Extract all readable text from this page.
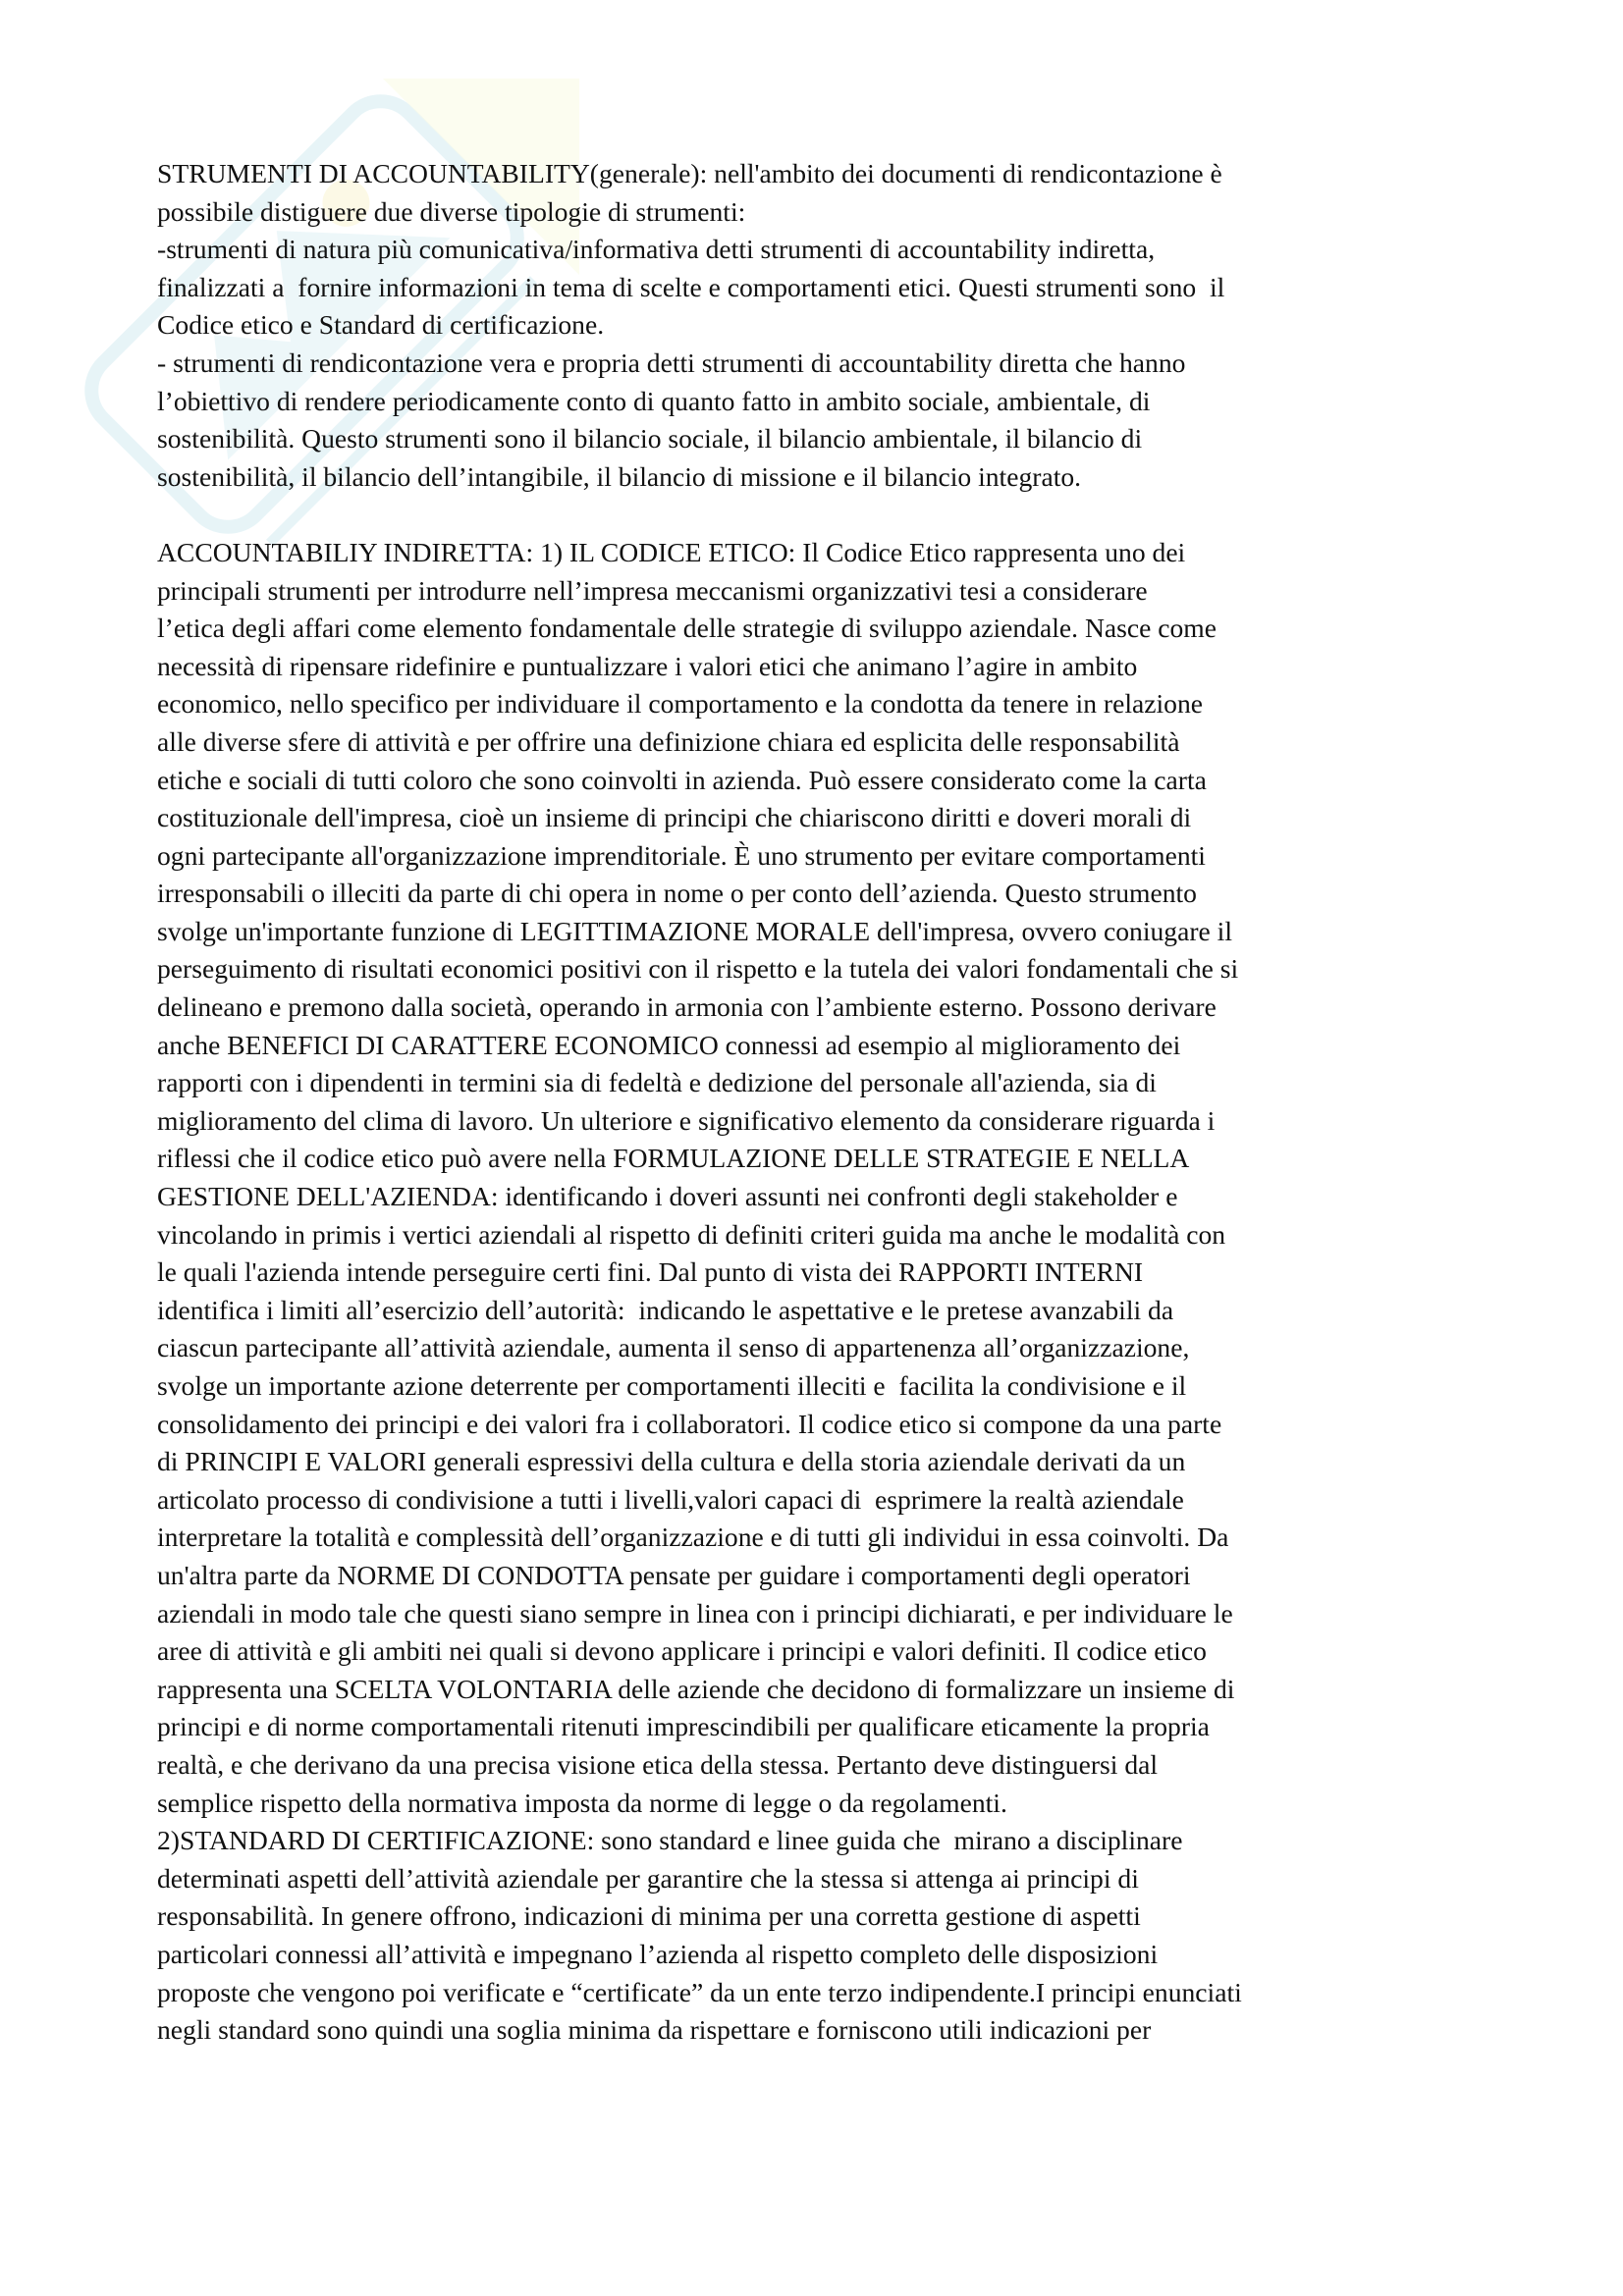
STRUMENTI DI ACCOUNTABILITY(generale): nell'ambito dei documenti di rendicontazione è

possibile distiguere due diverse tipologie di strumenti:

-strumenti di natura più comunicativa/informativa detti strumenti di accountability indiretta,

finalizzati a  fornire informazioni in tema di scelte e comportamenti etici. Questi strumenti sono  il

Codice etico e Standard di certificazione.

- strumenti di rendicontazione vera e propria detti strumenti di accountability diretta che hanno

l’obiettivo di rendere periodicamente conto di quanto fatto in ambito sociale, ambientale, di

sostenibilità. Questo strumenti sono il bilancio sociale, il bilancio ambientale, il bilancio di

sostenibilità, il bilancio dell’intangibile, il bilancio di missione e il bilancio integrato.

ACCOUNTABILIY INDIRETTA: 1) IL CODICE ETICO: Il Codice Etico rappresenta uno dei

principali strumenti per introdurre nell’impresa meccanismi organizzativi tesi a considerare

l’etica degli affari come elemento fondamentale delle strategie di sviluppo aziendale. Nasce come

necessità di ripensare ridefinire e puntualizzare i valori etici che animano l’agire in ambito

economico, nello specifico per individuare il comportamento e la condotta da tenere in relazione

alle diverse sfere di attività e per offrire una definizione chiara ed esplicita delle responsabilità

etiche e sociali di tutti coloro che sono coinvolti in azienda. Può essere considerato come la carta

costituzionale dell'impresa, cioè un insieme di principi che chiariscono diritti e doveri morali di

ogni partecipante all'organizzazione imprenditoriale. È uno strumento per evitare comportamenti

irresponsabili o illeciti da parte di chi opera in nome o per conto dell’azienda. Questo strumento

svolge un'importante funzione di LEGITTIMAZIONE MORALE dell'impresa, ovvero coniugare il

perseguimento di risultati economici positivi con il rispetto e la tutela dei valori fondamentali che si

delineano e premono dalla società, operando in armonia con l’ambiente esterno. Possono derivare

anche BENEFICI DI CARATTERE ECONOMICO connessi ad esempio al miglioramento dei

rapporti con i dipendenti in termini sia di fedeltà e dedizione del personale all'azienda, sia di

miglioramento del clima di lavoro. Un ulteriore e significativo elemento da considerare riguarda i

riflessi che il codice etico può avere nella FORMULAZIONE DELLE STRATEGIE E NELLA

GESTIONE DELL'AZIENDA: identificando i doveri assunti nei confronti degli stakeholder e

vincolando in primis i vertici aziendali al rispetto di definiti criteri guida ma anche le modalità con

le quali l'azienda intende perseguire certi fini. Dal punto di vista dei RAPPORTI INTERNI

identifica i limiti all’esercizio dell’autorità:  indicando le aspettative e le pretese avanzabili da

ciascun partecipante all’attività aziendale, aumenta il senso di appartenenza all’organizzazione,

svolge un importante azione deterrente per comportamenti illeciti e  facilita la condivisione e il

consolidamento dei principi e dei valori fra i collaboratori. Il codice etico si compone da una parte

di PRINCIPI E VALORI generali espressivi della cultura e della storia aziendale derivati da un

articolato processo di condivisione a tutti i livelli,valori capaci di  esprimere la realtà aziendale

interpretare la totalità e complessità dell’organizzazione e di tutti gli individui in essa coinvolti. Da

un'altra parte da NORME DI CONDOTTA pensate per guidare i comportamenti degli operatori

aziendali in modo tale che questi siano sempre in linea con i principi dichiarati, e per individuare le

aree di attività e gli ambiti nei quali si devono applicare i principi e valori definiti. Il codice etico

rappresenta una SCELTA VOLONTARIA delle aziende che decidono di formalizzare un insieme di

principi e di norme comportamentali ritenuti imprescindibili per qualificare eticamente la propria

realtà, e che derivano da una precisa visione etica della stessa. Pertanto deve distinguersi dal

semplice rispetto della normativa imposta da norme di legge o da regolamenti.

2)STANDARD DI CERTIFICAZIONE: sono standard e linee guida che  mirano a disciplinare

determinati aspetti dell’attività aziendale per garantire che la stessa si attenga ai principi di

responsabilità. In genere offrono, indicazioni di minima per una corretta gestione di aspetti

particolari connessi all’attività e impegnano l’azienda al rispetto completo delle disposizioni

proposte che vengono poi verificate e “certificate” da un ente terzo indipendente.I principi enunciati

negli standard sono quindi una soglia minima da rispettare e forniscono utili indicazioni per
